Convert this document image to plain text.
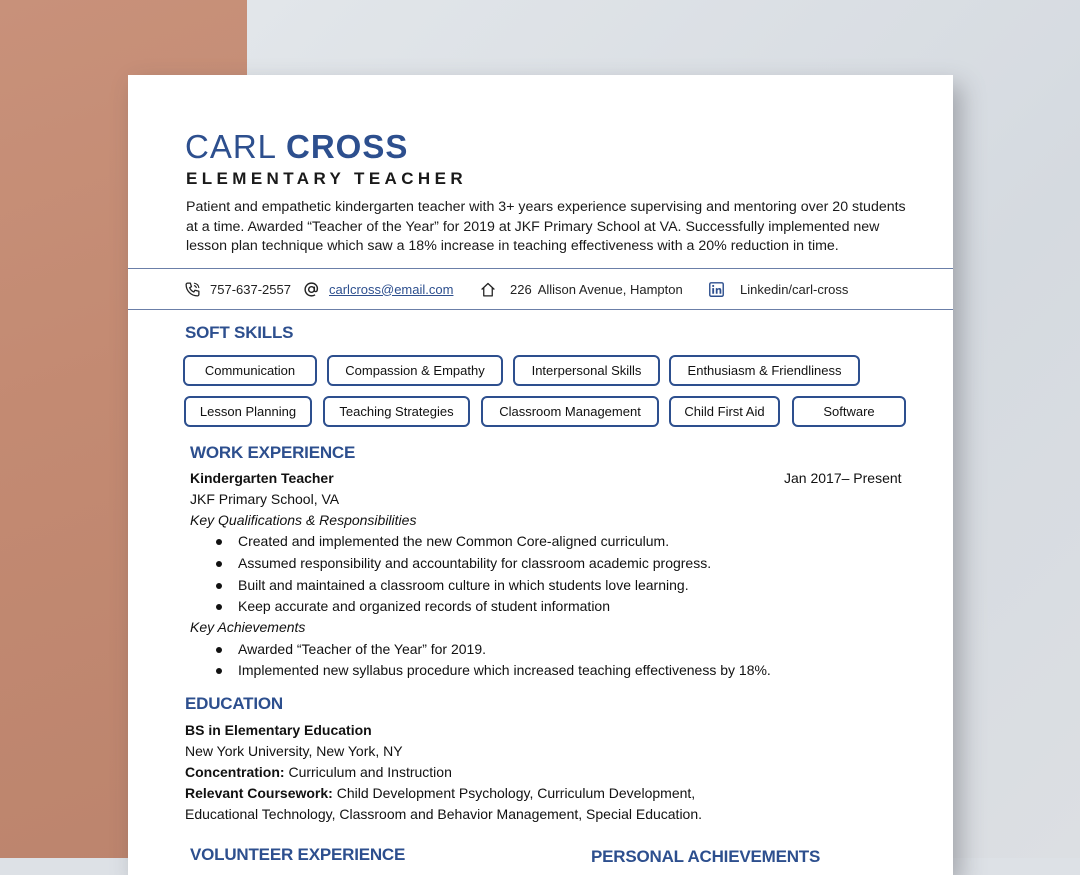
CARL CROSS
ELEMENTARY TEACHER

Patient and empathetic kindergarten teacher with 3+ years experience supervising and mentoring over 20 students at a time. Awarded “Teacher of the Year” for 2019 at JKF Primary School at VA. Successfully implemented new lesson plan technique which saw a 18% increase in teaching effectiveness with a 20% reduction in time.

757-637-2557	carlcross@email.com	226 Allison Avenue, Hampton	Linkedin/carl-cross
SOFT SKILLS
Communication	Compassion & Empathy	Interpersonal Skills	Enthusiasm & Friendliness
Lesson Planning	Teaching Strategies	Classroom Management	Child First Aid	Software
WORK EXPERIENCE

Kindergarten Teacher	Jan 2017– Present

JKF Primary School, VA

Key Qualifications & Responsibilities

Created and implemented the new Common Core-aligned curriculum.
Assumed responsibility and accountability for classroom academic progress.
Built and maintained a classroom culture in which students love learning.
Keep accurate and organized records of student information

Key Achievements

Awarded “Teacher of the Year” for 2019.
Implemented new syllabus procedure which increased teaching effectiveness by 18%.
EDUCATION

BS in Elementary Education

New York University, New York, NY

Concentration: Curriculum and Instruction

Relevant Coursework: Child Development Psychology, Curriculum Development,

Educational Technology, Classroom and Behavior Management, Special Education.

VOLUNTEER EXPERIENCE	PERSONAL ACHIEVEMENTS
